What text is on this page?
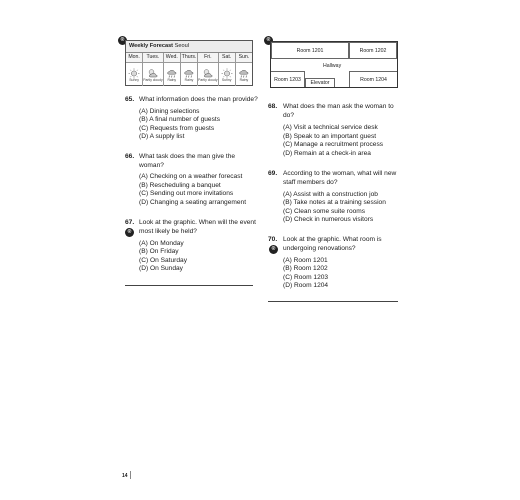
®
Weekly Forecast Seoul
Mon.
Sunny
Tues.
Partly cloudy
Wed.
Rainy
Thurs.
Rainy
Fri.
Partly cloudy
Sat.
Sunny
Sun.
Rainy
®
Room 1201	Room 1202
Hallway
Room 1203
Elevator
Room 1204
65. What information does the man provide?
(A) Dining selections
(B) A final number of guests
(C) Requests from guests
(D) A supply list
66. What task does the man give the woman?
(A) Checking on a weather forecast
(B) Rescheduling a banquet
(C) Sending out more invitations
(D) Changing a seating arrangement
67.
®
Look at the graphic. When will the event most likely be held?
(A) On Monday
(B) On Friday
(C) On Saturday
(D) On Sunday
68. What does the man ask the woman to do?
(A) Visit a technical service desk
(B) Speak to an important guest
(C) Manage a recruitment process
(D) Remain at a check-in area
69. According to the woman, what will new staff members do?
(A) Assist with a construction job
(B) Take notes at a training session
(C) Clean some suite rooms
(D) Check in numerous visitors
70.
®
Look at the graphic. What room is undergoing renovations?
(A) Room 1201
(B) Room 1202
(C) Room 1203
(D) Room 1204
14
